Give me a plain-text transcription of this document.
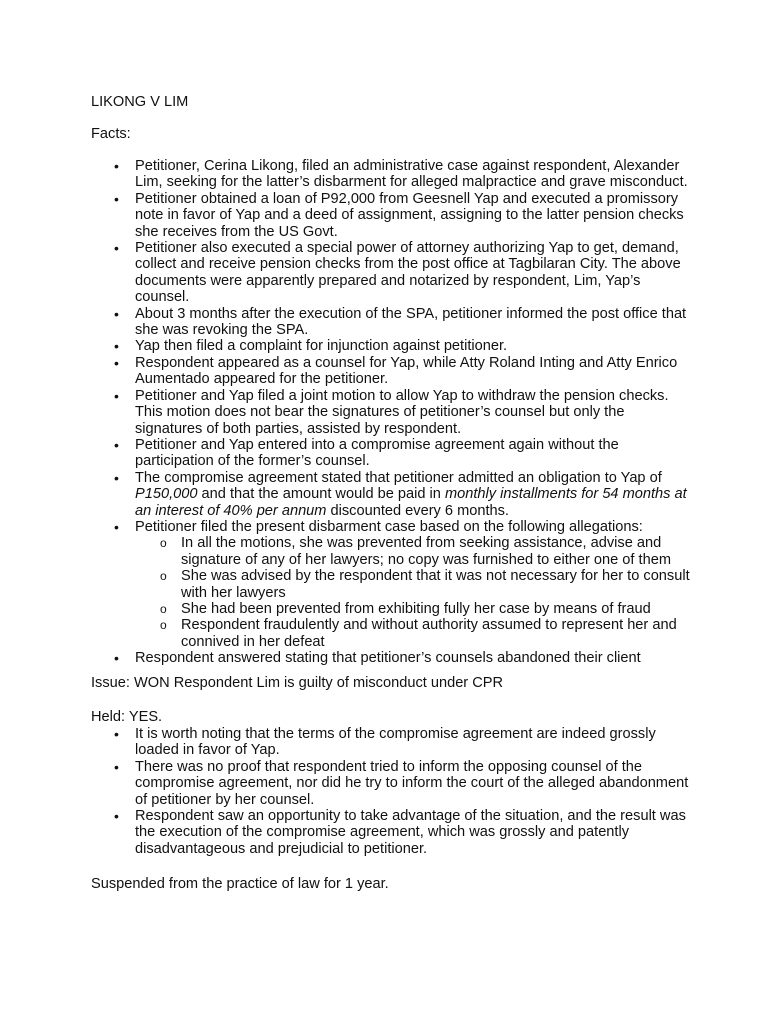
LIKONG V LIM
Facts:
• Petitioner, Cerina Likong, filed an administrative case against respondent, Alexander Lim, seeking for the latter’s disbarment for alleged malpractice and grave misconduct.
• Petitioner obtained a loan of P92,000 from Geesnell Yap and executed a promissory note in favor of Yap and a deed of assignment, assigning to the latter pension checks she receives from the US Govt.
• Petitioner also executed a special power of attorney authorizing Yap to get, demand, collect and receive pension checks from the post office at Tagbilaran City. The above documents were apparently prepared and notarized by respondent, Lim, Yap’s counsel.
• About 3 months after the execution of the SPA, petitioner informed the post office that she was revoking the SPA.
• Yap then filed a complaint for injunction against petitioner.
• Respondent appeared as a counsel for Yap, while Atty Roland Inting and Atty Enrico Aumentado appeared for the petitioner.
• Petitioner and Yap filed a joint motion to allow Yap to withdraw the pension checks. This motion does not bear the signatures of petitioner’s counsel but only the signatures of both parties, assisted by respondent.
• Petitioner and Yap entered into a compromise agreement again without the participation of the former’s counsel.
• The compromise agreement stated that petitioner admitted an obligation to Yap of P150,000 and that the amount would be paid in monthly installments for 54 months at an interest of 40% per annum discounted every 6 months.
• Petitioner filed the present disbarment case based on the following allegations:
o In all the motions, she was prevented from seeking assistance, advise and signature of any of her lawyers; no copy was furnished to either one of them
o She was advised by the respondent that it was not necessary for her to consult with her lawyers
o She had been prevented from exhibiting fully her case by means of fraud
o Respondent fraudulently and without authority assumed to represent her and connived in her defeat
• Respondent answered stating that petitioner’s counsels abandoned their client
Issue: WON Respondent Lim is guilty of misconduct under CPR
Held: YES.
• It is worth noting that the terms of the compromise agreement are indeed grossly loaded in favor of Yap.
• There was no proof that respondent tried to inform the opposing counsel of the compromise agreement, nor did he try to inform the court of the alleged abandonment of petitioner by her counsel.
• Respondent saw an opportunity to take advantage of the situation, and the result was the execution of the compromise agreement, which was grossly and patently disadvantageous and prejudicial to petitioner.
Suspended from the practice of law for 1 year.
